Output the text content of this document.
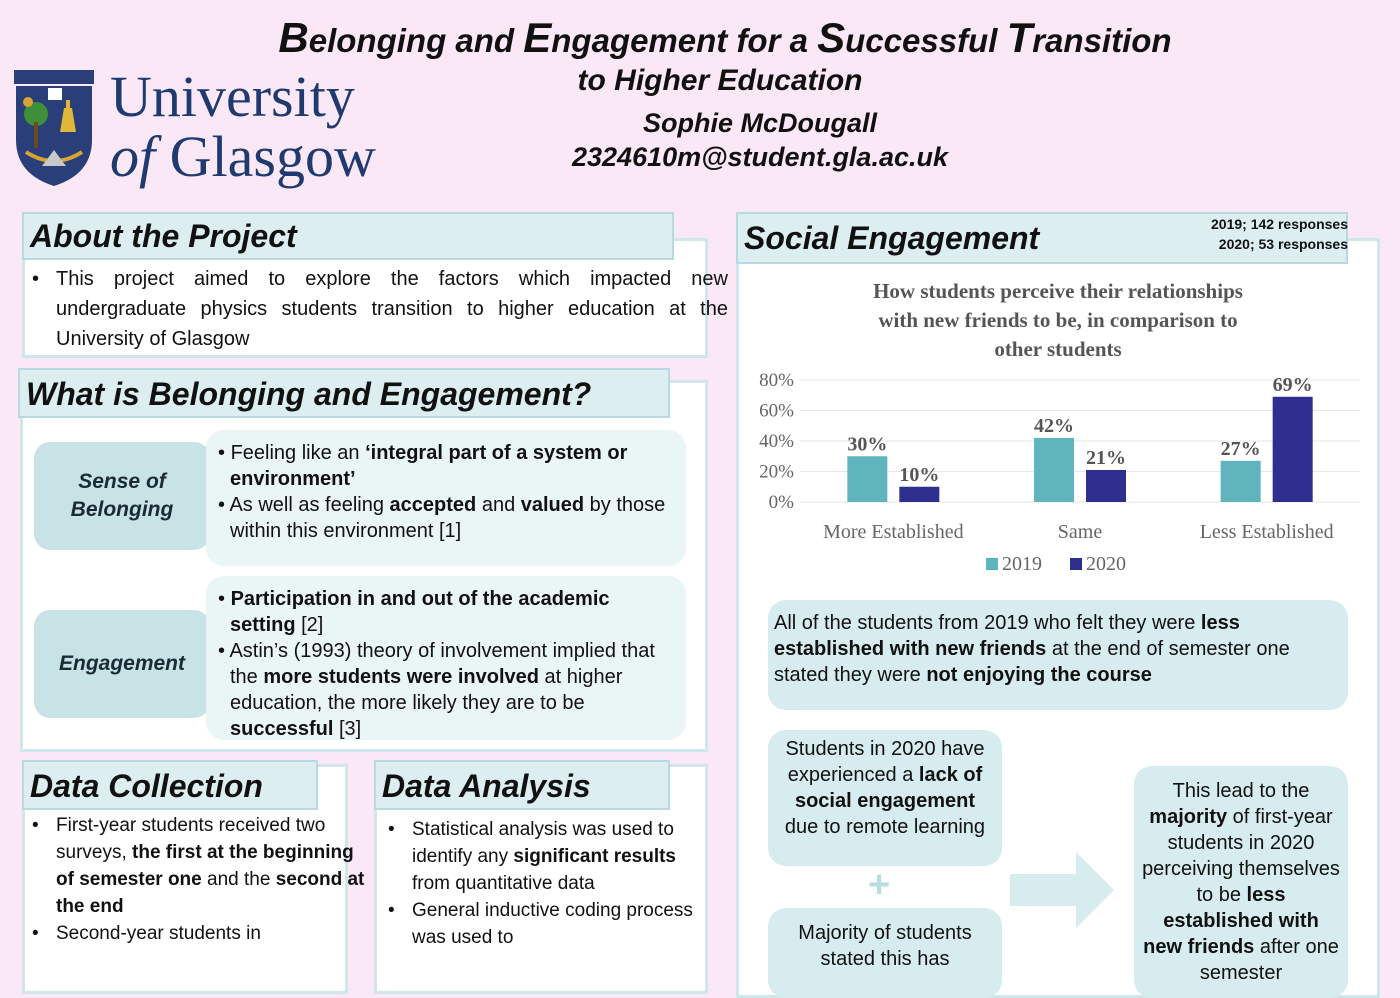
University
of Glasgow
Belonging and Engagement for a Successful Transition
to Higher Education
Sophie McDougall
2324610m@student.gla.ac.uk
About the Project
• This project aimed to explore the factors which impacted new undergraduate physics students transition to higher education at the University of Glasgow
What is Belonging and Engagement?
Sense of Belonging

• Feeling like an ‘integral part of a system or environment’

• As well as feeling accepted and valued by those within this environment [1]

Engagement

• Participation in and out of the academic setting [2]

• Astin’s (1993) theory of involvement implied that the more students were involved at higher education, the more likely they are to be successful [3]

Data Collection
• First-year students received two surveys, the first at the beginning of semester one and the second at the end
• Second-year students in
Data Analysis
• Statistical analysis was used to identify any significant results from quantitative data
• General inductive coding process was used to
Social Engagement	2019; 142 responses
2020; 53 responses
How students perceive their relationships
with new friends to be, in comparison to
other students
0%
20%
40%
60%
80%
30%
10%
42%
21%	27%
69%
More Established	Same	Less Established
2019 2020
All of the students from 2019 who felt they were less established with new friends at the end of semester one stated they were not enjoying the course
Students in 2020 have experienced a lack of social engagement due to remote learning
+
Majority of students stated this has
This lead to the majority of first-year students in 2020 perceiving themselves to be less established with new friends after one semester
